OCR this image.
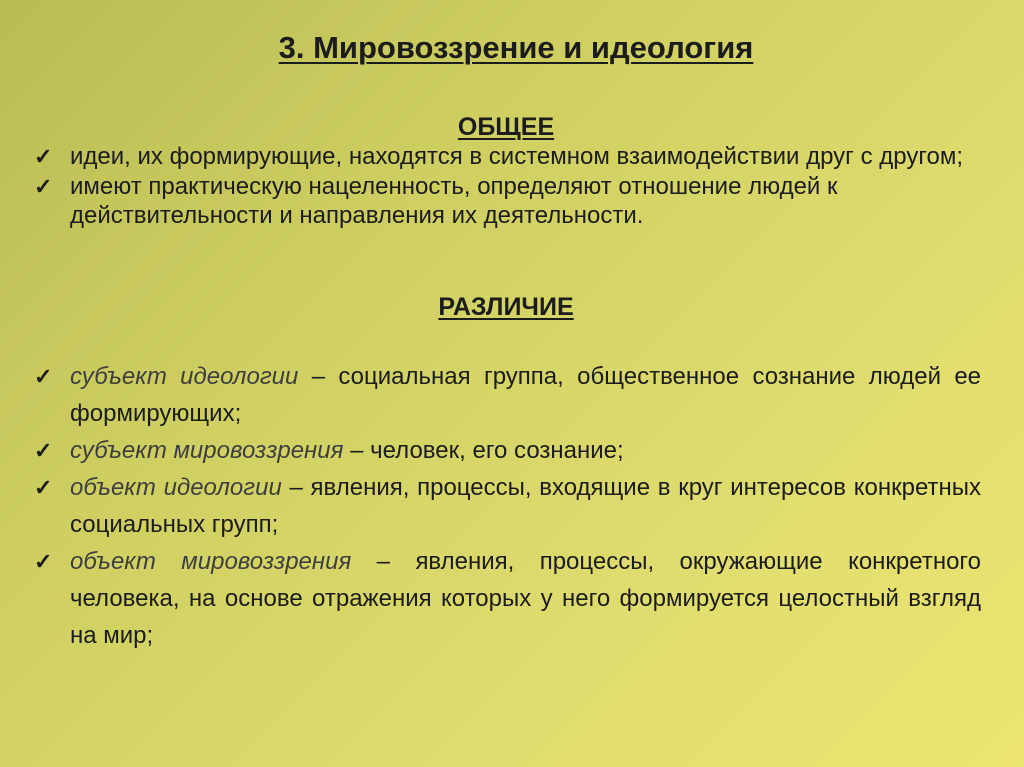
3. Мировоззрение и идеология
ОБЩЕЕ
✓ идеи, их формирующие, находятся в системном взаимодействии друг с другом;
✓ имеют практическую нацеленность, определяют отношение людей к действительности и направления их деятельности.
РАЗЛИЧИЕ
✓ субъект идеологии – социальная группа, общественное сознание людей ее формирующих;
✓ субъект мировоззрения – человек, его сознание;
✓ объект идеологии – явления, процессы, входящие в круг интересов конкретных социальных групп;
✓ объект мировоззрения – явления, процессы, окружающие конкретного человека, на основе отражения которых у него формируется целостный взгляд на мир;
